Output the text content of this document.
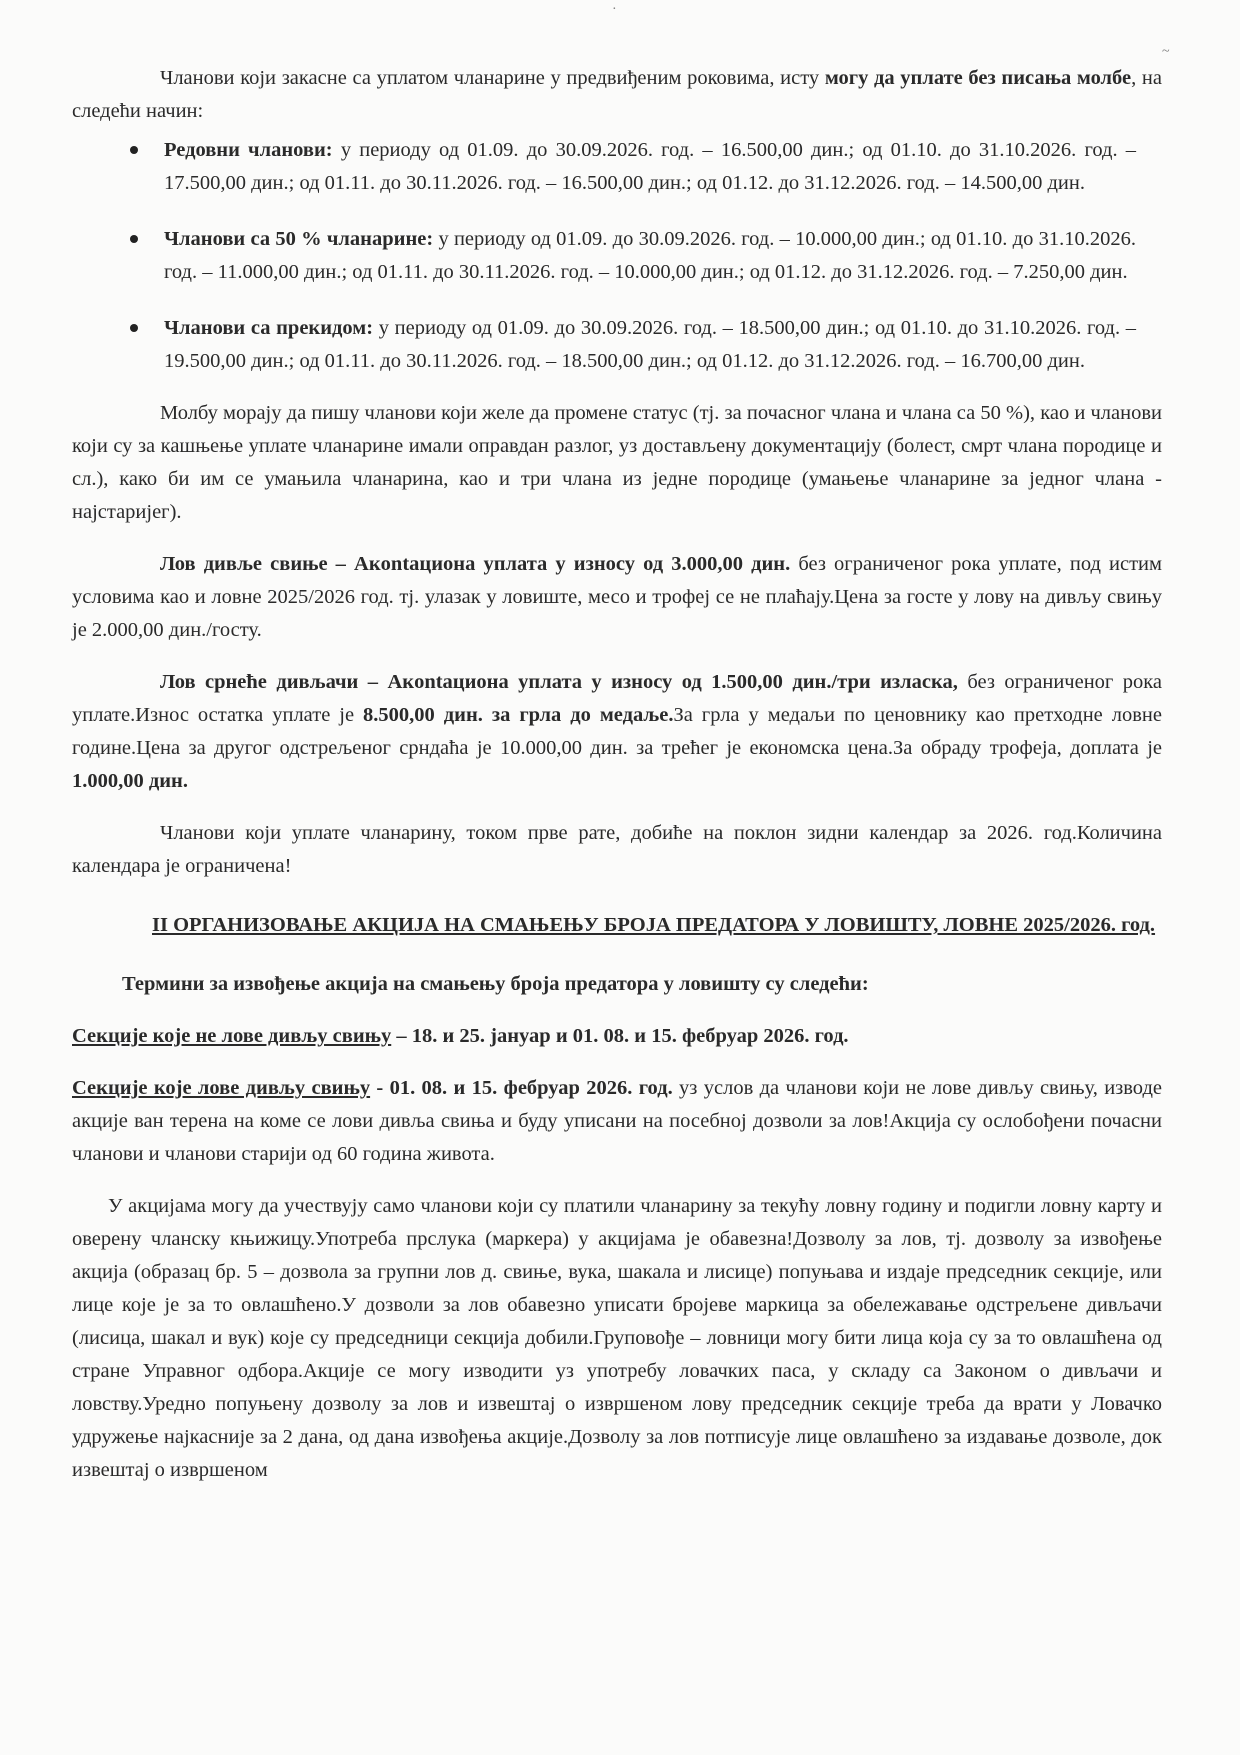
·
~

Чланови који закасне са уплатом чланарине у предвиђеним роковима, исту могу да уплате без писања молбе, на следећи начин:

Редовни чланови: у периоду од 01.09. до 30.09.2026. год. – 16.500,00 дин.; од 01.10. до 31.10.2026. год. – 17.500,00 дин.; од 01.11. до 30.11.2026. год. – 16.500,00 дин.; од 01.12. до 31.12.2026. год. – 14.500,00 дин.
Чланови са 50 % чланарине: у периоду од 01.09. до 30.09.2026. год. – 10.000,00 дин.; од 01.10. до 31.10.2026. год. – 11.000,00 дин.; од 01.11. до 30.11.2026. год. – 10.000,00 дин.; од 01.12. до 31.12.2026. год. – 7.250,00 дин.
Чланови са прекидом: у периоду од 01.09. до 30.09.2026. год. – 18.500,00 дин.; од 01.10. до 31.10.2026. год. – 19.500,00 дин.; од 01.11. до 30.11.2026. год. – 18.500,00 дин.; од 01.12. до 31.12.2026. год. – 16.700,00 дин.

Молбу морају да пишу чланови који желе да промене статус (тј. за почасног члана и члана са 50 %), као и чланови који су за кашњење уплате чланарине имали оправдан разлог, уз достављену документацију (болест, смрт члана породице и сл.), како би им се умањила чланарина, као и три члана из једне породице (умањење чланарине за једног члана - најстаријег).

Лов дивље свиње – Акontaциона уплата у износу од 3.000,00 дин. без ограниченог рока уплате, под истим условима као и ловне 2025/2026 год. тј. улазак у ловиште, месо и трофеј се не плаћају.Цена за госте у лову на дивљу свињу је 2.000,00 дин./госту.

Лов срнеће дивљачи – Акontaциона уплата у износу од 1.500,00 дин./три изласка, без ограниченог рока уплате.Износ остатка уплате је 8.500,00 дин. за грла до медаље.За грла у медаљи по ценовнику као претходне ловне године.Цена за другог одстрељеног срндаћа је 10.000,00 дин. за трећег је економска цена.За обраду трофеја, доплата је 1.000,00 дин.

Чланови који уплате чланарину, током прве рате, добиће на поклон зидни календар за 2026. год.Количина календара је ограничена!

II ОРГАНИЗОВАЊЕ АКЦИЈА НА СМАЊЕЊУ БРОЈА ПРЕДАТОРА У ЛОВИШТУ, ЛОВНЕ 2025/2026. год.

Термини за извођење акција на смањењу броја предатора у ловишту су следећи:

Секције које не лове дивљу свињу – 18. и 25. јануар и 01. 08. и 15. фебруар 2026. год.

Секције које лове дивљу свињу - 01. 08. и 15. фебруар 2026. год. уз услов да чланови који не лове дивљу свињу, изводе акције ван терена на коме се лови дивља свиња и буду уписани на посебној дозволи за лов!Акција су ослобођени почасни чланови и чланови старији од 60 година живота.

У акцијама могу да учествују само чланови који су платили чланарину за текућу ловну годину и подигли ловну карту и оверену чланску књижицу.Употреба прслука (маркера) у акцијама је обавезна!Дозволу за лов, тј. дозволу за извођење акција (образац бр. 5 – дозвола за групни лов д. свиње, вука, шакала и лисице) попуњава и издаје председник секције, или лице које је за то овлашћено.У дозволи за лов обавезно уписати бројеве маркица за обележавање одстрељене дивљачи (лисица, шакал и вук) које су председници секција добили.Груповође – ловници могу бити лица која су за то овлашћена од стране Управног одбора.Акције се могу изводити уз употребу ловачких паса, у складу са Законом о дивљачи и ловству.Уредно попуњену дозволу за лов и извештај о извршеном лову председник секције треба да врати у Ловачко удружење најкасније за 2 дана, од дана извођења акције.Дозволу за лов потписује лице овлашћено за издавање дозволе, док извештај о извршеном
